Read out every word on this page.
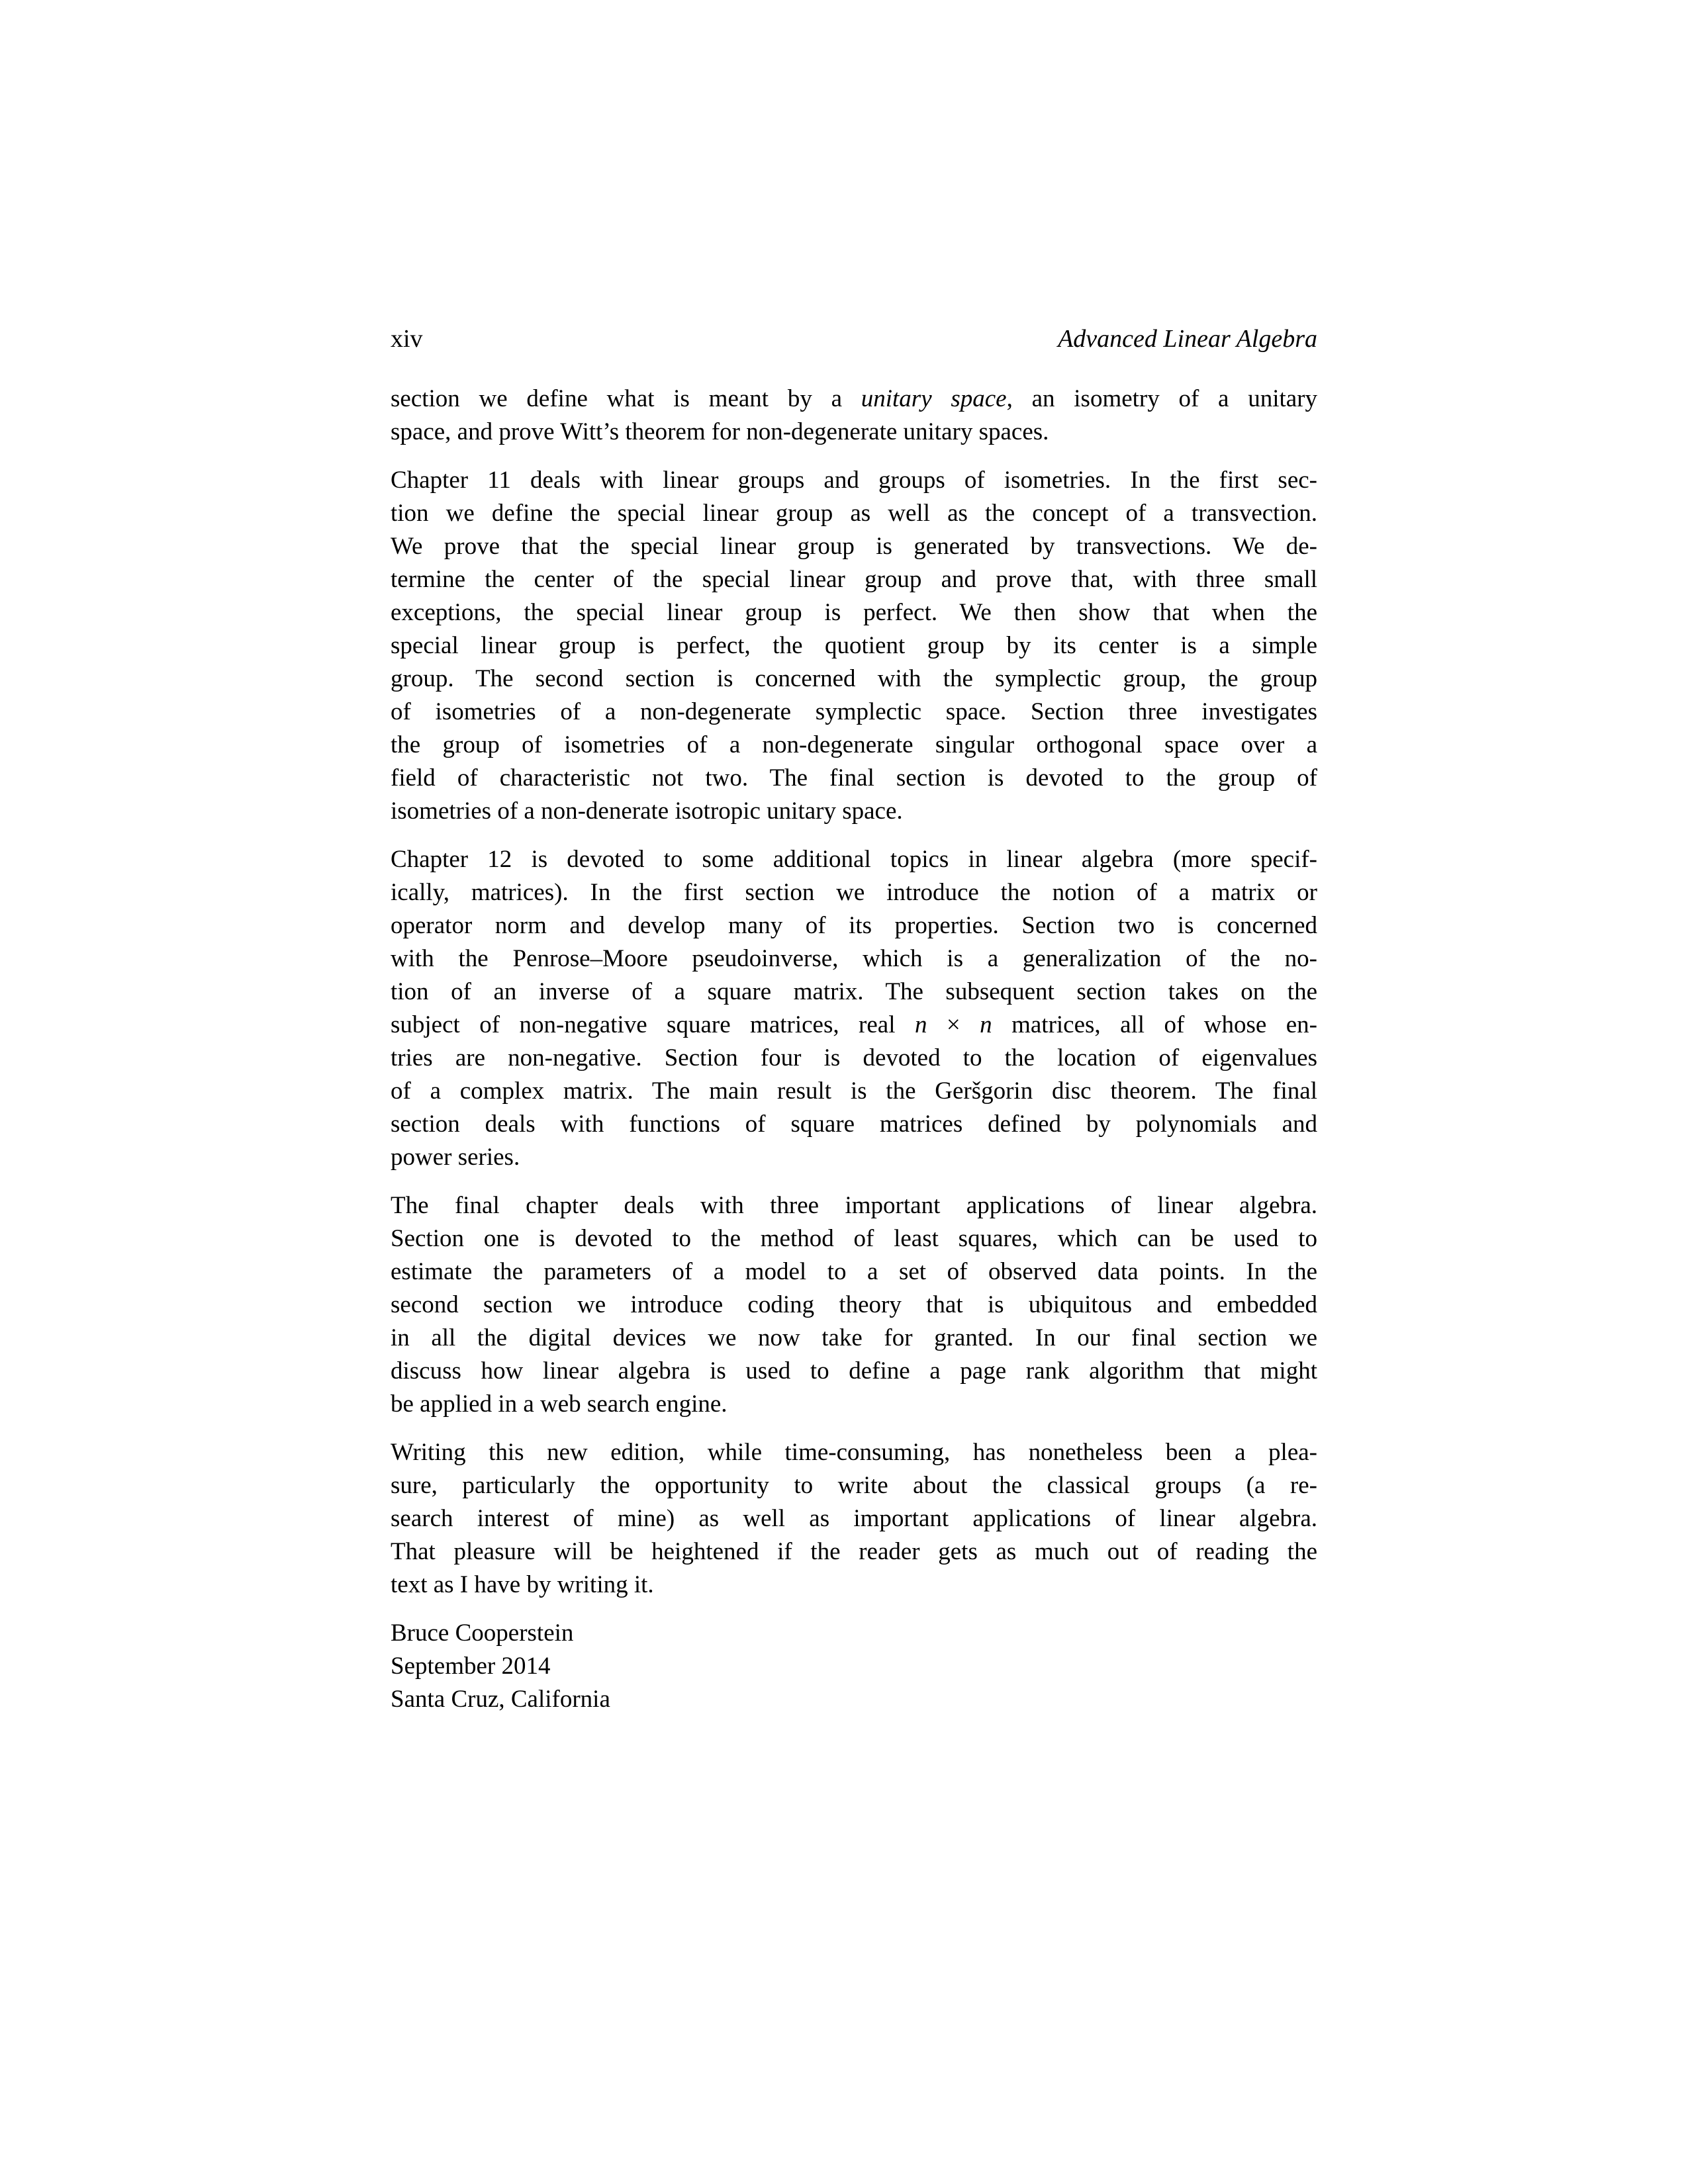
xiv	Advanced Linear Algebra
section we define what is meant by a unitary space, an isometry of a unitary
space, and prove Witt’s theorem for non-degenerate unitary spaces.
Chapter 11 deals with linear groups and groups of isometries. In the first sec-
tion we define the special linear group as well as the concept of a transvection.
We prove that the special linear group is generated by transvections. We de-
termine the center of the special linear group and prove that, with three small
exceptions, the special linear group is perfect. We then show that when the
special linear group is perfect, the quotient group by its center is a simple
group. The second section is concerned with the symplectic group, the group
of isometries of a non-degenerate symplectic space. Section three investigates
the group of isometries of a non-degenerate singular orthogonal space over a
field of characteristic not two. The final section is devoted to the group of
isometries of a non-denerate isotropic unitary space.
Chapter 12 is devoted to some additional topics in linear algebra (more specif-
ically, matrices). In the first section we introduce the notion of a matrix or
operator norm and develop many of its properties. Section two is concerned
with the Penrose–Moore pseudoinverse, which is a generalization of the no-
tion of an inverse of a square matrix. The subsequent section takes on the
subject of non-negative square matrices, real n × n matrices, all of whose en-
tries are non-negative. Section four is devoted to the location of eigenvalues
of a complex matrix. The main result is the Geršgorin disc theorem. The final
section deals with functions of square matrices defined by polynomials and
power series.
The final chapter deals with three important applications of linear algebra.
Section one is devoted to the method of least squares, which can be used to
estimate the parameters of a model to a set of observed data points. In the
second section we introduce coding theory that is ubiquitous and embedded
in all the digital devices we now take for granted. In our final section we
discuss how linear algebra is used to define a page rank algorithm that might
be applied in a web search engine.
Writing this new edition, while time-consuming, has nonetheless been a plea-
sure, particularly the opportunity to write about the classical groups (a re-
search interest of mine) as well as important applications of linear algebra.
That pleasure will be heightened if the reader gets as much out of reading the
text as I have by writing it.
Bruce Cooperstein
September 2014
Santa Cruz, California
